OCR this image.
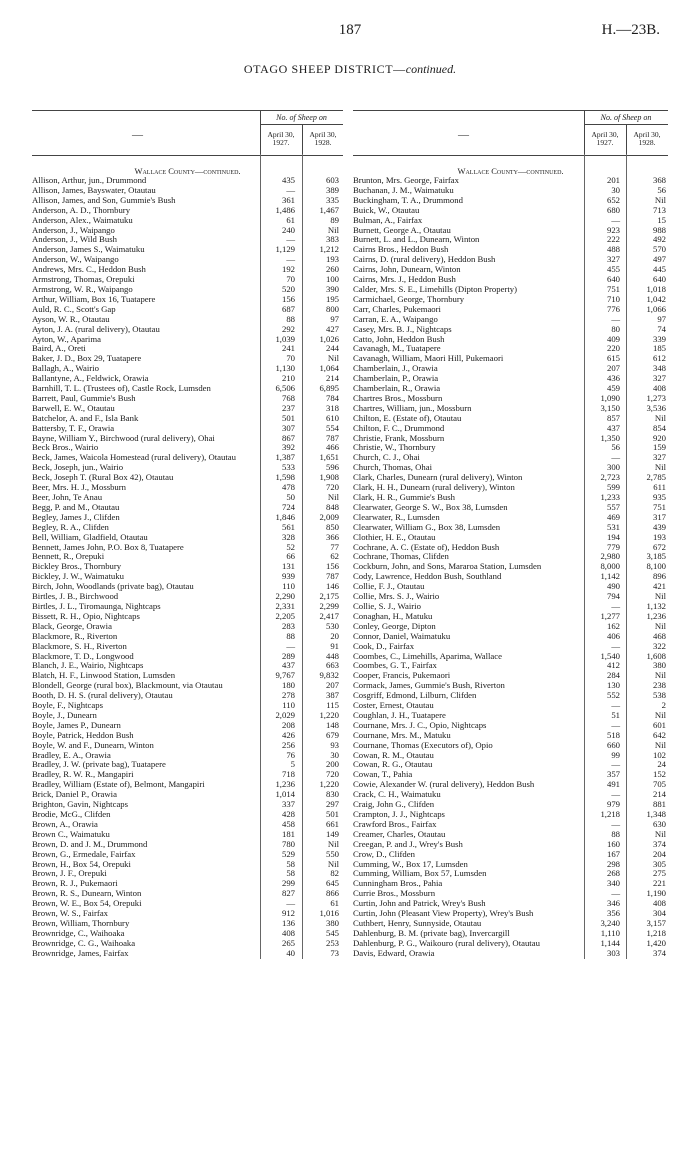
187	H.—23B.
OTAGO SHEEP DISTRICT—continued.
—
No. of Sheep on
April 30, 1927.
April 30, 1928.
Wallace County—continued.
Allison, Arthur, jun., Drummond	435	603
Allison, James, Bayswater, Otautau	—	389
Allison, James, and Son, Gummie's Bush	361	335
Anderson, A. D., Thornbury	1,486	1,467
Anderson, Alex., Waimatuku	61	89
Anderson, J., Waipango	240	Nil
Anderson, J., Wild Bush	—	383
Anderson, James S., Waimatuku	1,129	1,212
Anderson, W., Waipango	—	193
Andrews, Mrs. C., Heddon Bush	192	260
Armstrong, Thomas, Orepuki	70	100
Armstrong, W. R., Waipango	520	390
Arthur, William, Box 16, Tuatapere	156	195
Auld, R. C., Scott's Gap	687	800
Ayson, W. R., Otautau	88	97
Ayton, J. A. (rural delivery), Otautau	292	427
Ayton, W., Aparima	1,039	1,026
Baird, A., Oreti	241	244
Baker, J. D., Box 29, Tuatapere	70	Nil
Ballagh, A., Wairio	1,130	1,064
Ballantyne, A., Feldwick, Orawia	210	214
Barnhill, T. L. (Trustees of), Castle Rock, Lumsden	6,506	6,895
Barrett, Paul, Gummie's Bush	768	784
Barwell, E. W., Otautau	237	318
Batchelor, A. and F., Isla Bank	501	610
Battersby, T. F., Orawia	307	554
Bayne, William Y., Birchwood (rural delivery), Ohai	867	787
Beck Bros., Wairio	392	466
Beck, James, Waicola Homestead (rural delivery), Otautau	1,387	1,651
Beck, Joseph, jun., Wairio	533	596
Beck, Joseph T. (Rural Box 42), Otautau	1,598	1,908
Beer, Mrs. H. J., Mossburn	478	720
Beer, John, Te Anau	50	Nil
Begg, P. and M., Otautau	724	848
Begley, James J., Clifden	1,846	2,009
Begley, R. A., Clifden	561	850
Bell, William, Gladfield, Otautau	328	366
Bennett, James John, P.O. Box 8, Tuatapere	52	77
Bennett, R., Orepuki	66	62
Bickley Bros., Thornbury	131	156
Bickley, J. W., Waimatuku	939	787
Birch, John, Woodlands (private bag), Otautau	110	146
Birtles, J. B., Birchwood	2,290	2,175
Birtles, J. L., Tiromaunga, Nightcaps	2,331	2,299
Bissett, R. H., Opio, Nightcaps	2,205	2,417
Black, George, Orawia	283	530
Blackmore, R., Riverton	88	20
Blackmore, S. H., Riverton	—	91
Blackmore, T. D., Longwood	289	448
Blanch, J. E., Wairio, Nightcaps	437	663
Blatch, H. F., Linwood Station, Lumsden	9,767	9,832
Blondell, George (rural box), Blackmount, via Otautau	180	207
Booth, D. H. S. (rural delivery), Otautau	278	387
Boyle, F., Nightcaps	110	115
Boyle, J., Dunearn	2,029	1,220
Boyle, James P., Dunearn	208	148
Boyle, Patrick, Heddon Bush	426	679
Boyle, W. and F., Dunearn, Winton	256	93
Bradley, E. A., Orawia	76	30
Bradley, J. W. (private bag), Tuatapere	5	200
Bradley, R. W. R., Mangapiri	718	720
Bradley, William (Estate of), Belmont, Mangapiri	1,236	1,220
Brick, Daniel P., Orawia	1,014	830
Brighton, Gavin, Nightcaps	337	297
Brodie, McG., Clifden	428	501
Brown, A., Orawia	458	661
Brown C., Waimatuku	181	149
Brown, D. and J. M., Drummond	780	Nil
Brown, G., Ermedale, Fairfax	529	550
Brown, H., Box 54, Orepuki	58	Nil
Brown, J. F., Orepuki	58	82
Brown, R. J., Pukemaori	299	645
Brown, R. S., Dunearn, Winton	827	866
Brown, W. E., Box 54, Orepuki	—	61
Brown, W. S., Fairfax	912	1,016
Brown, William, Thornbury	136	380
Brownridge, C., Waihoaka	408	545
Brownridge, C. G., Waihoaka	265	253
Brownridge, James, Fairfax	40	73
—
No. of Sheep on
April 30, 1927.
April 30, 1928.
Wallace County—continued.
Brunton, Mrs. George, Fairfax	201	368
Buchanan, J. M., Waimatuku	30	56
Buckingham, T. A., Drummond	652	Nil
Buick, W., Otautau	680	713
Bulman, A., Fairfax	—	15
Burnett, George A., Otautau	923	988
Burnett, L. and L., Dunearn, Winton	222	492
Cairns Bros., Heddon Bush	488	570
Cairns, D. (rural delivery), Heddon Bush	327	497
Cairns, John, Dunearn, Winton	455	445
Cairns, Mrs. J., Heddon Bush	640	640
Calder, Mrs. S. E., Limehills (Dipton Property)	751	1,018
Carmichael, George, Thornbury	710	1,042
Carr, Charles, Pukemaori	776	1,066
Carran, E. A., Waipango	—	97
Casey, Mrs. B. J., Nightcaps	80	74
Catto, John, Heddon Bush	409	339
Cavanagh, M., Tuatapere	220	185
Cavanagh, William, Maori Hill, Pukemaori	615	612
Chamberlain, J., Orawia	207	348
Chamberlain, P., Orawia	436	327
Chamberlain, R., Orawia	459	408
Chartres Bros., Mossburn	1,090	1,273
Chartres, William, jun., Mossburn	3,150	3,536
Chilton, E. (Estate of), Otautau	857	Nil
Chilton, F. C., Drummond	437	854
Christie, Frank, Mossburn	1,350	920
Christie, W., Thornbury	56	159
Church, C. J., Ohai	—	327
Church, Thomas, Ohai	300	Nil
Clark, Charles, Dunearn (rural delivery), Winton	2,723	2,785
Clark, H. H., Dunearn (rural delivery), Winton	599	611
Clark, H. R., Gummie's Bush	1,233	935
Clearwater, George S. W., Box 38, Lumsden	557	751
Clearwater, R., Lumsden	469	317
Clearwater, William G., Box 38, Lumsden	531	439
Clothier, H. E., Otautau	194	193
Cochrane, A. C. (Estate of), Heddon Bush	779	672
Cochrane, Thomas, Clifden	2,980	3,185
Cockburn, John, and Sons, Mararoa Station, Lumsden	8,000	8,100
Cody, Lawrence, Heddon Bush, Southland	1,142	896
Collie, F. J., Otautau	490	421
Collie, Mrs. S. J., Wairio	794	Nil
Collie, S. J., Wairio	—	1,132
Conaghan, H., Matuku	1,277	1,236
Conley, George, Dipton	162	Nil
Connor, Daniel, Waimatuku	406	468
Cook, D., Fairfax	—	322
Coombes, C., Limehills, Aparima, Wallace	1,540	1,608
Coombes, G. T., Fairfax	412	380
Cooper, Francis, Pukemaori	284	Nil
Cormack, James, Gummie's Bush, Riverton	130	238
Cosgriff, Edmond, Lilburn, Clifden	552	538
Coster, Ernest, Otautau	—	2
Coughlan, J. H., Tuatapere	51	Nil
Cournane, Mrs. J. C., Opio, Nightcaps	—	601
Cournane, Mrs. M., Matuku	518	642
Cournane, Thomas (Executors of), Opio	660	Nil
Cowan, R. M., Otautau	99	102
Cowan, R. G., Otautau	—	24
Cowan, T., Pahia	357	152
Cowie, Alexander W. (rural delivery), Heddon Bush	491	705
Crack, C. H., Waimatuku	—	214
Craig, John G., Clifden	979	881
Crampton, J. J., Nightcaps	1,218	1,348
Crawford Bros., Fairfax	—	630
Creamer, Charles, Otautau	88	Nil
Creegan, P. and J., Wrey's Bush	160	374
Crow, D., Clifden	167	204
Cumming, W., Box 17, Lumsden	298	305
Cumming, William, Box 57, Lumsden	268	275
Cunningham Bros., Pahia	340	221
Currie Bros., Mossburn	—	1,190
Curtin, John and Patrick, Wrey's Bush	346	408
Curtin, John (Pleasant View Property), Wrey's Bush	356	304
Cuthbert, Henry, Sunnyside, Otautau	3,240	3,157
Dahlenburg, B. M. (private bag), Invercargill	1,110	1,218
Dahlenburg, P. G., Waikouro (rural delivery), Otautau	1,144	1,420
Davis, Edward, Orawia	303	374
